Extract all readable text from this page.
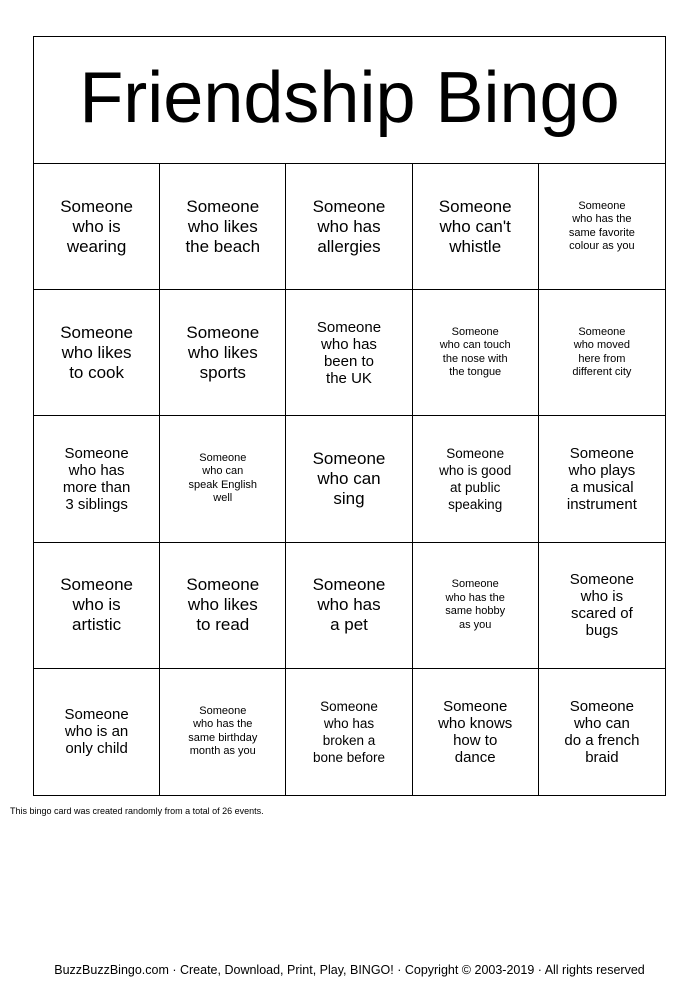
Friendship Bingo
Someone
who is
wearing
Someone
who likes
the beach
Someone
who has
allergies
Someone
who can't
whistle
Someone
who has the
same favorite
colour as you
Someone
who likes
to cook
Someone
who likes
sports
Someone
who has
been to
the UK
Someone
who can touch
the nose with
the tongue
Someone
who moved
here from
different city
Someone
who has
more than
3 siblings
Someone
who can
speak English
well
Someone
who can
sing
Someone
who is good
at public
speaking
Someone
who plays
a musical
instrument
Someone
who is
artistic
Someone
who likes
to read
Someone
who has
a pet
Someone
who has the
same hobby
as you
Someone
who is
scared of
bugs
Someone
who is an
only child
Someone
who has the
same birthday
month as you
Someone
who has
broken a
bone before
Someone
who knows
how to
dance
Someone
who can
do a french
braid
This bingo card was created randomly from a total of 26 events.
BuzzBuzzBingo.com · Create, Download, Print, Play, BINGO! · Copyright © 2003-2019 · All rights reserved
